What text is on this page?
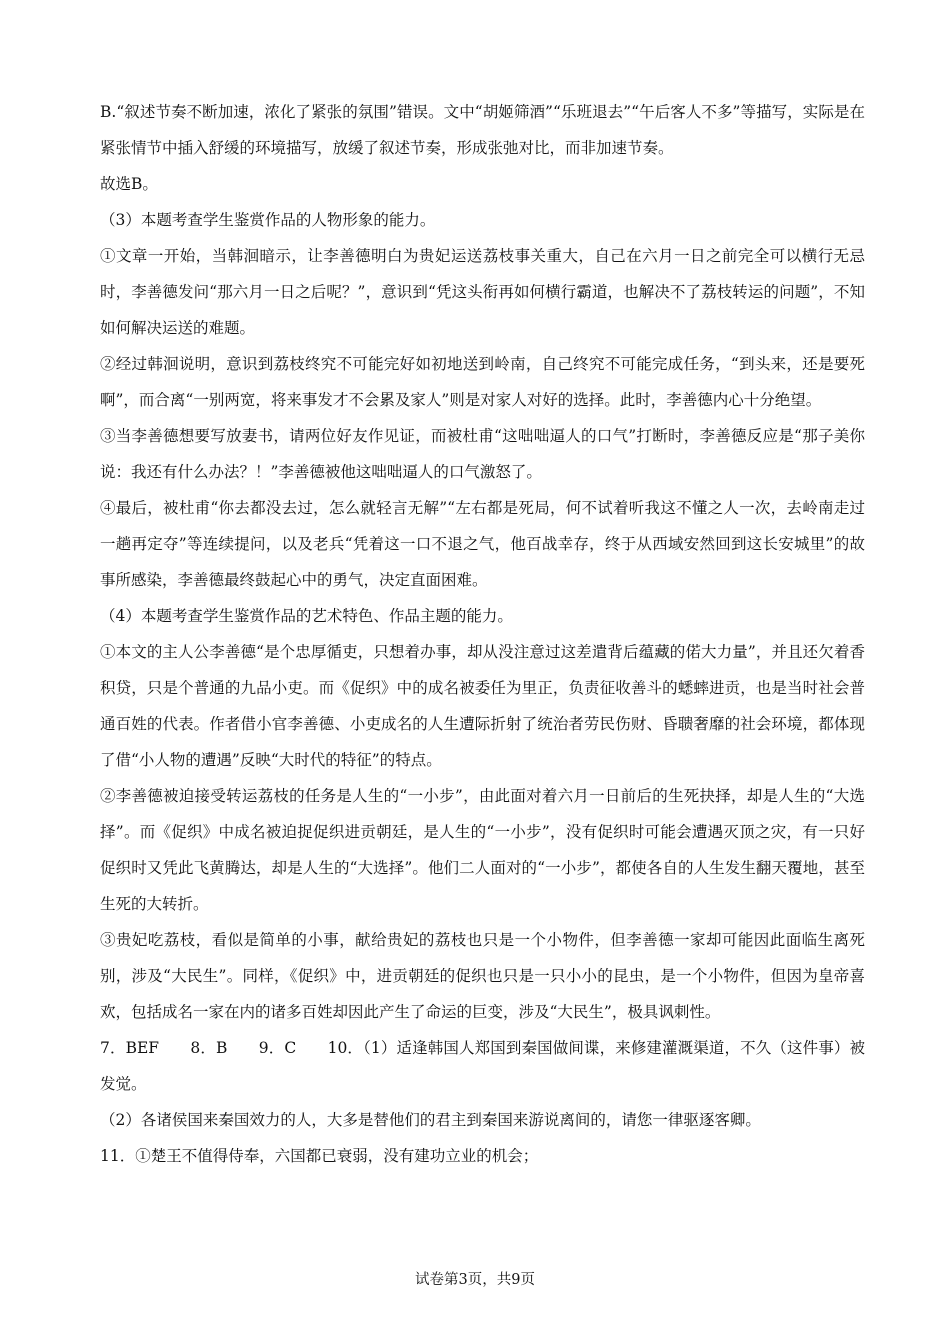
B.“叙述节奏不断加速，浓化了紧张的氛围”错误。文中“胡姬筛酒”“乐班退去”“午后客人不多”等描写，实际是在紧张情节中插入舒缓的环境描写，放缓了叙述节奏，形成张弛对比，而非加速节奏。

故选B。

（3）本题考查学生鉴赏作品的人物形象的能力。

①文章一开始，当韩洄暗示，让李善德明白为贵妃运送荔枝事关重大，自己在六月一日之前完全可以横行无忌时，李善德发问“那六月一日之后呢？”，意识到“凭这头衔再如何横行霸道，也解决不了荔枝转运的问题”，不知如何解决运送的难题。

②经过韩洄说明，意识到荔枝终究不可能完好如初地送到岭南，自己终究不可能完成任务，“到头来，还是要死啊”，而合离“一别两宽，将来事发才不会累及家人”则是对家人对好的选择。此时，李善德内心十分绝望。

③当李善德想要写放妻书，请两位好友作见证，而被杜甫“这咄咄逼人的口气”打断时，李善德反应是“那子美你说：我还有什么办法？！”李善德被他这咄咄逼人的口气激怒了。

④最后，被杜甫“你去都没去过，怎么就轻言无解”“左右都是死局，何不试着听我这不懂之人一次，去岭南走过一趟再定夺”等连续提问，以及老兵“凭着这一口不退之气，他百战幸存，终于从西域安然回到这长安城里”的故事所感染，李善德最终鼓起心中的勇气，决定直面困难。

（4）本题考查学生鉴赏作品的艺术特色、作品主题的能力。

①本文的主人公李善德“是个忠厚循吏，只想着办事，却从没注意过这差遣背后蕴藏的偌大力量”，并且还欠着香积贷，只是个普通的九品小吏。而《促织》中的成名被委任为里正，负责征收善斗的蟋蟀进贡，也是当时社会普通百姓的代表。作者借小官李善德、小吏成名的人生遭际折射了统治者劳民伤财、昏聩奢靡的社会环境，都体现了借“小人物的遭遇”反映“大时代的特征”的特点。

②李善德被迫接受转运荔枝的任务是人生的“一小步”，由此面对着六月一日前后的生死抉择，却是人生的“大选择”。而《促织》中成名被迫捉促织进贡朝廷，是人生的“一小步”，没有促织时可能会遭遇灭顶之灾，有一只好促织时又凭此飞黄腾达，却是人生的“大选择”。他们二人面对的“一小步”，都使各自的人生发生翻天覆地，甚至生死的大转折。

③贵妃吃荔枝，看似是简单的小事，献给贵妃的荔枝也只是一个小物件，但李善德一家却可能因此面临生离死别，涉及“大民生”。同样，《促织》中，进贡朝廷的促织也只是一只小小的昆虫，是一个小物件，但因为皇帝喜欢，包括成名一家在内的诸多百姓却因此产生了命运的巨变，涉及“大民生”，极具讽刺性。

7．BEF　　8．B　　9．C　　10．（1）适逢韩国人郑国到秦国做间谍，来修建灌溉渠道，不久（这件事）被发觉。

（2）各诸侯国来秦国效力的人，大多是替他们的君主到秦国来游说离间的，请您一律驱逐客卿。

11．①楚王不值得侍奉，六国都已衰弱，没有建功立业的机会；

试卷第3页，共9页
